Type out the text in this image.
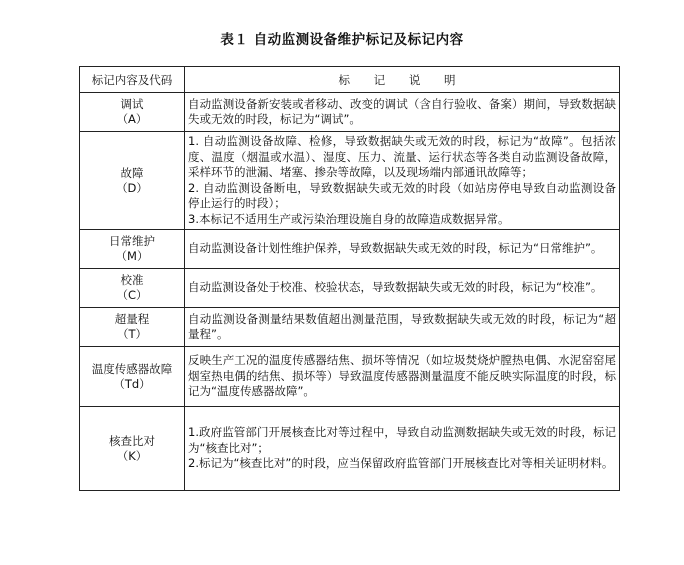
表１ 自动监测设备维护标记及标记内容
标记内容及代码	标 记 说 明

调试
（A）	自动监测设备新安装或者移动、改变的调试（含自行验收、备案）期间，导致数据缺失或无效的时段，标记为“调试”。

故障
（D）	1. 自动监测设备故障、检修，导致数据缺失或无效的时段，标记为“故障”。包括浓度、温度（烟温或水温）、湿度、压力、流量、运行状态等各类自动监测设备故障，采样环节的泄漏、堵塞、掺杂等故障，以及现场端内部通讯故障等；
2. 自动监测设备断电，导致数据缺失或无效的时段（如站房停电导致自动监测设备停止运行的时段）；
3.本标记不适用生产或污染治理设施自身的故障造成数据异常。

日常维护
（M）	自动监测设备计划性维护保养，导致数据缺失或无效的时段，标记为“日常维护”。

校准
（C）	自动监测设备处于校准、校验状态，导致数据缺失或无效的时段，标记为“校准”。

超量程
（T）	自动监测设备测量结果数值超出测量范围，导致数据缺失或无效的时段，标记为“超量程”。

温度传感器故障
（Td）	反映生产工况的温度传感器结焦、损坏等情况（如垃圾焚烧炉膛热电偶、水泥窑窑尾烟室热电偶的结焦、损坏等）导致温度传感器测量温度不能反映实际温度的时段，标记为“温度传感器故障”。

核查比对
（K）	1.政府监管部门开展核查比对等过程中，导致自动监测数据缺失或无效的时段，标记为“核查比对”；
2.标记为“核查比对”的时段，应当保留政府监管部门开展核查比对等相关证明材料。
